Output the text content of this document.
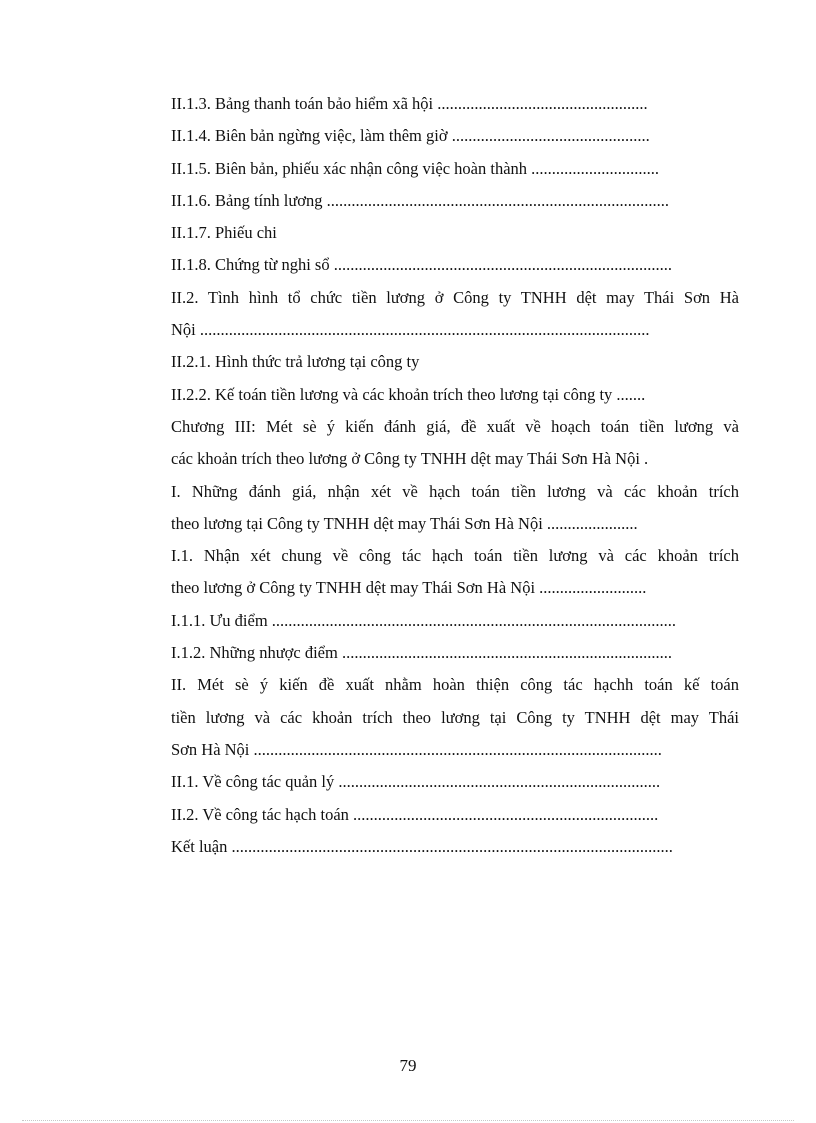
II.1.3. Bảng thanh toán bảo hiểm xã hội ...................................................
II.1.4. Biên bản ngừng việc, làm thêm giờ ................................................
II.1.5. Biên bản, phiếu xác nhận công việc hoàn thành ...............................
II.1.6. Bảng tính lương ...................................................................................
II.1.7. Phiếu chi
II.1.8. Chứng từ nghi sổ ..................................................................................
II.2. Tình hình tổ chức tiền lương ở Công ty TNHH dệt may Thái Sơn Hà
Nội .............................................................................................................
II.2.1. Hình thức trả lương tại công ty
II.2.2. Kế toán tiền lương và các khoản trích theo lương tại công ty .......
Chương III: Mét sè ý kiến đánh giá, đề xuất về hoạch toán tiền lương và
các khoản trích theo lương ở Công ty TNHH dệt may Thái Sơn Hà Nội .
I. Những đánh giá, nhận xét về hạch toán tiền lương và các khoản trích
theo lương tại Công ty TNHH dệt may Thái Sơn Hà Nội ......................
I.1. Nhận xét chung về công tác hạch toán tiền lương và các khoản trích
theo lương ở Công ty TNHH dệt may Thái Sơn Hà Nội ..........................
I.1.1. Ưu điểm ..................................................................................................
I.1.2. Những nhược điểm ................................................................................
II. Mét sè ý kiến đề xuất nhằm hoàn thiện công tác hạchh toán kế toán
tiền lương và các khoản trích theo lương tại Công ty TNHH dệt may Thái
Sơn Hà Nội ...................................................................................................
II.1. Về công tác quản lý ..............................................................................
II.2. Về công tác hạch toán ..........................................................................
Kết luận ...........................................................................................................
79
